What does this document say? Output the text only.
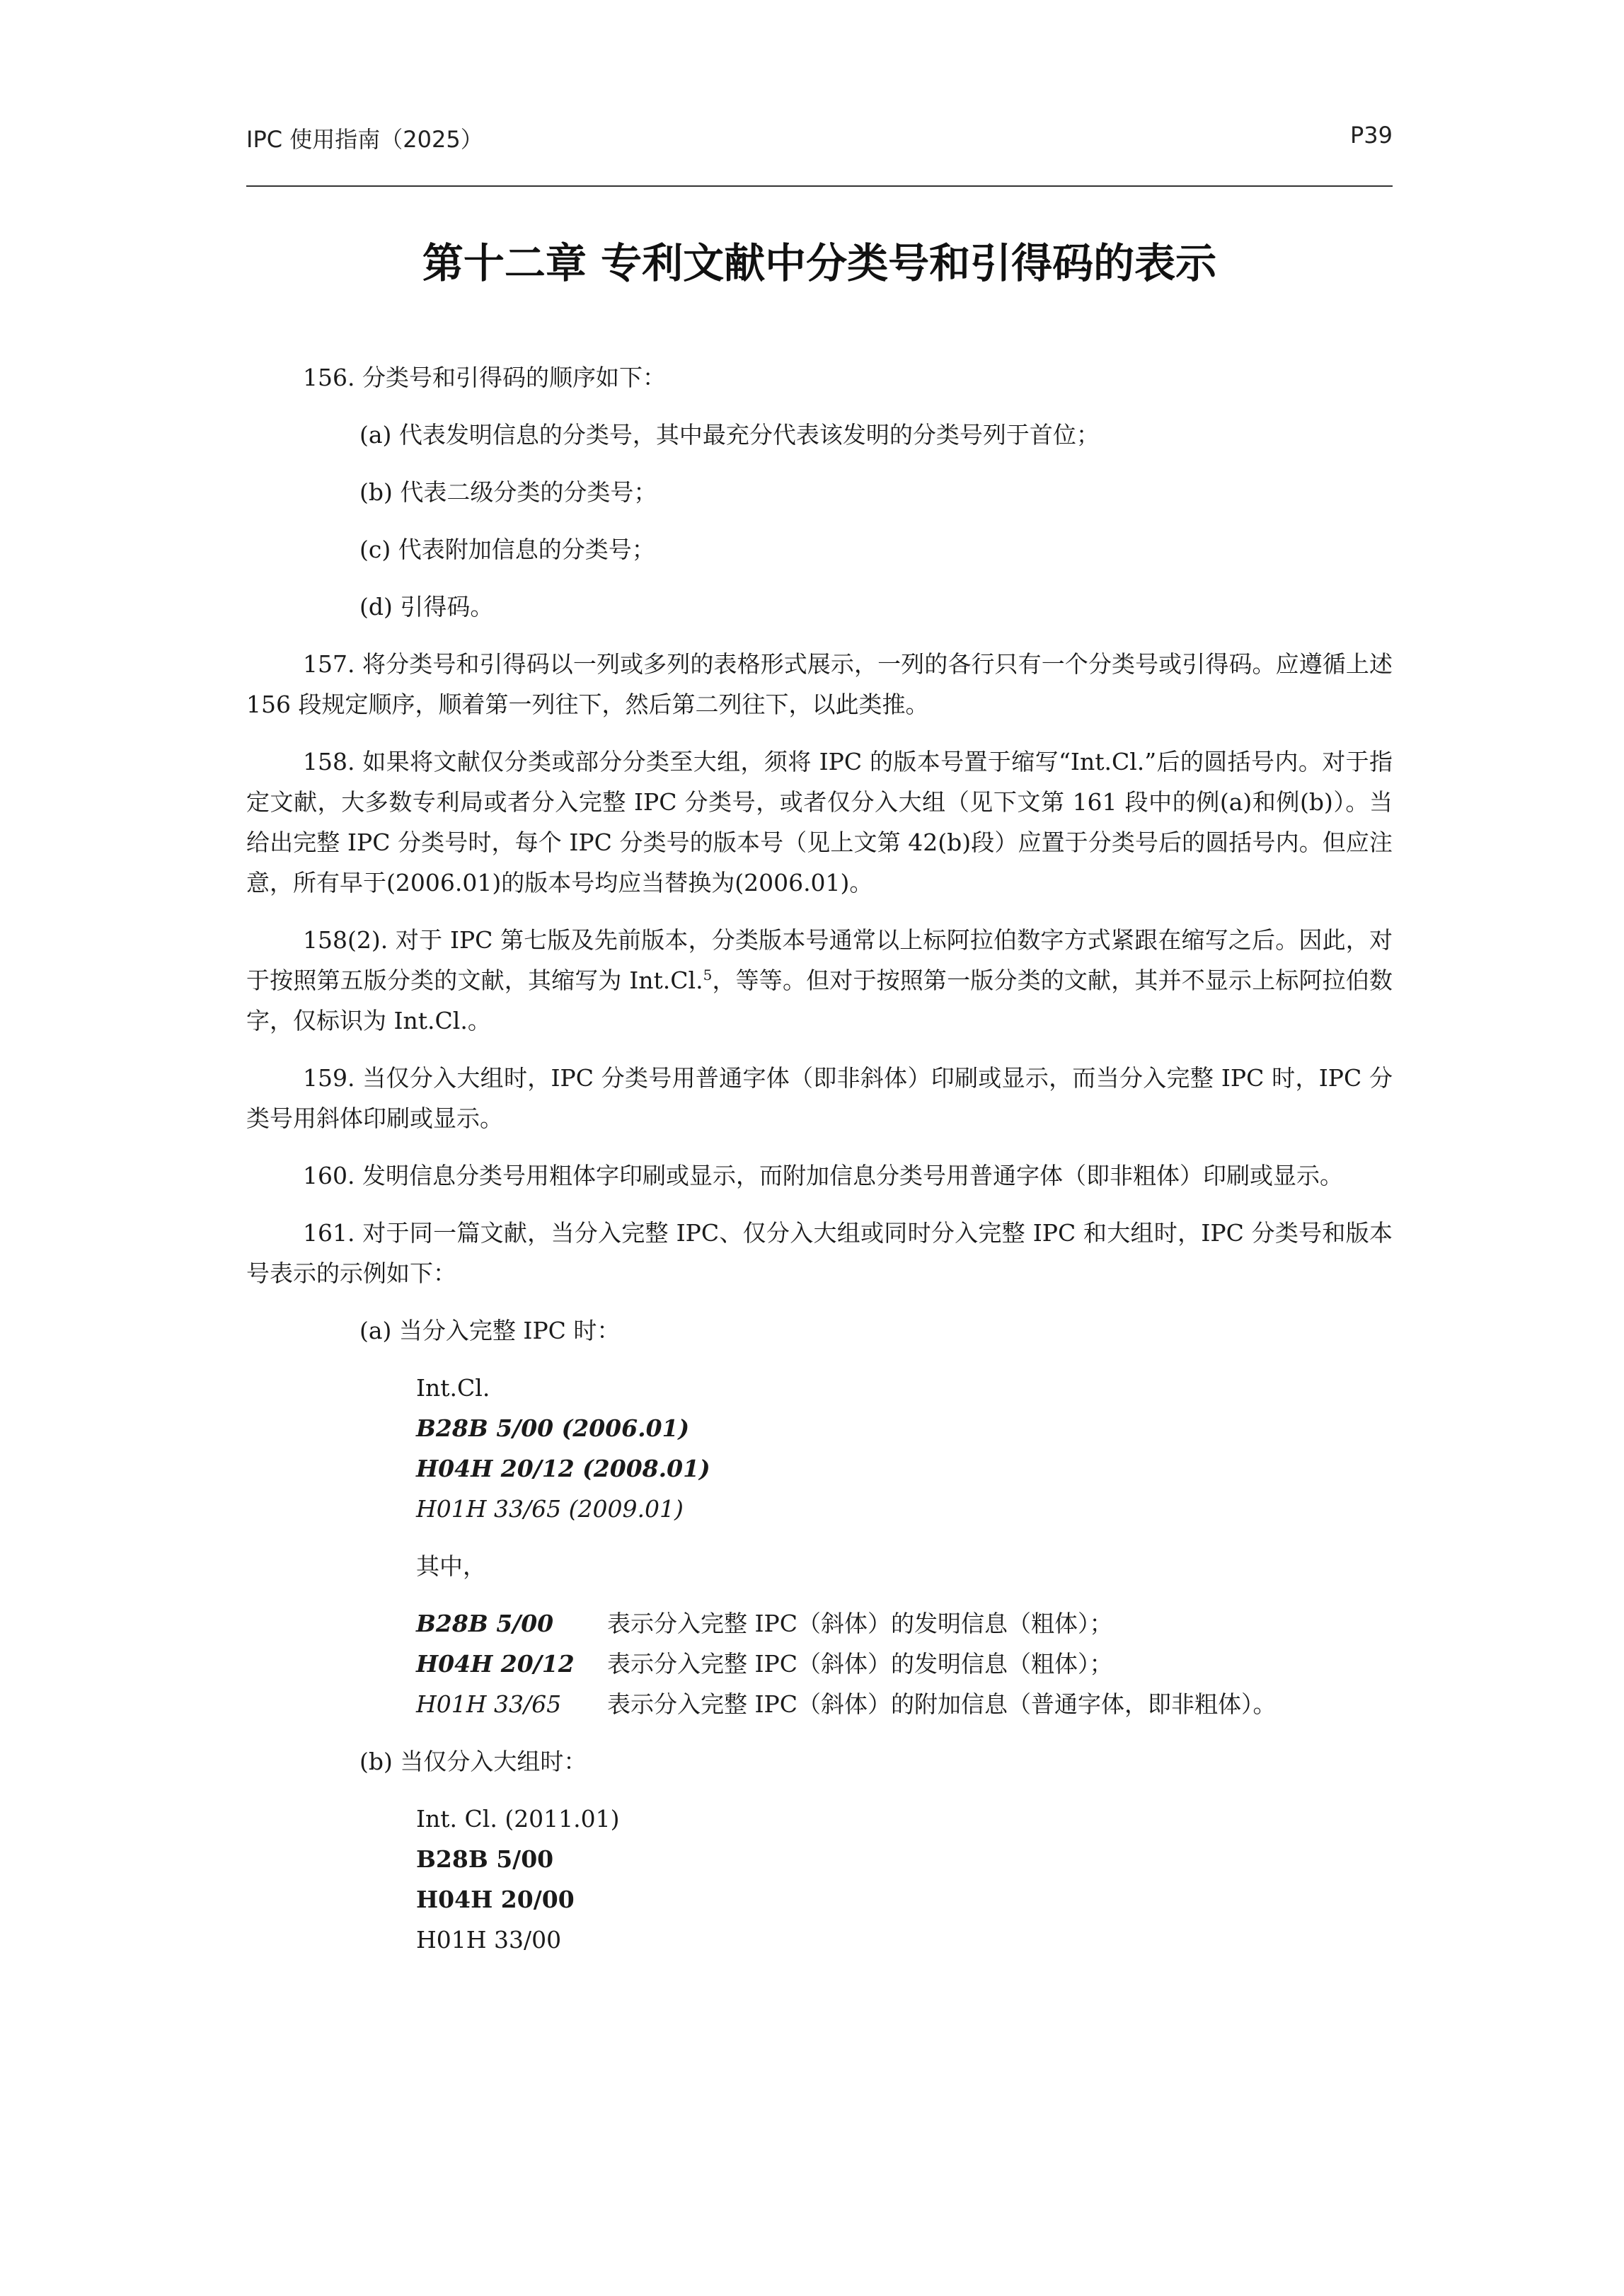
IPC 使用指南（2025）	P39
第十二章 专利文献中分类号和引得码的表示

156. 分类号和引得码的顺序如下：

(a) 代表发明信息的分类号，其中最充分代表该发明的分类号列于首位；

(b) 代表二级分类的分类号；

(c) 代表附加信息的分类号；

(d) 引得码。

157. 将分类号和引得码以一列或多列的表格形式展示，一列的各行只有一个分类号或引得码。应遵循上述 156 段规定顺序，顺着第一列往下，然后第二列往下，以此类推。

158. 如果将文献仅分类或部分分类至大组，须将 IPC 的版本号置于缩写“Int.Cl.”后的圆括号内。对于指定文献，大多数专利局或者分入完整 IPC 分类号，或者仅分入大组（见下文第 161 段中的例(a)和例(b)）。当给出完整 IPC 分类号时，每个 IPC 分类号的版本号（见上文第 42(b)段）应置于分类号后的圆括号内。但应注意，所有早于(2006.01)的版本号均应当替换为(2006.01)。

158(2). 对于 IPC 第七版及先前版本，分类版本号通常以上标阿拉伯数字方式紧跟在缩写之后。因此，对于按照第五版分类的文献，其缩写为 Int.Cl.$^5$，等等。但对于按照第一版分类的文献，其并不显示上标阿拉伯数字，仅标识为 Int.Cl.。

159. 当仅分入大组时，IPC 分类号用普通字体（即非斜体）印刷或显示，而当分入完整 IPC 时，IPC 分类号用斜体印刷或显示。

160. 发明信息分类号用粗体字印刷或显示，而附加信息分类号用普通字体（即非粗体）印刷或显示。

161. 对于同一篇文献，当分入完整 IPC、仅分入大组或同时分入完整 IPC 和大组时，IPC 分类号和版本号表示的示例如下：

(a) 当分入完整 IPC 时：

Int.Cl.
B28B 5/00 (2006.01)
H04H 20/12 (2008.01)
H01H 33/65 (2009.01)
其中，
B28B 5/00 表示分入完整 IPC（斜体）的发明信息（粗体）；
H04H 20/12 表示分入完整 IPC（斜体）的发明信息（粗体）；
H01H 33/65 表示分入完整 IPC（斜体）的附加信息（普通字体，即非粗体）。

(b) 当仅分入大组时：

Int. Cl. (2011.01)
B28B 5/00
H04H 20/00
H01H 33/00
